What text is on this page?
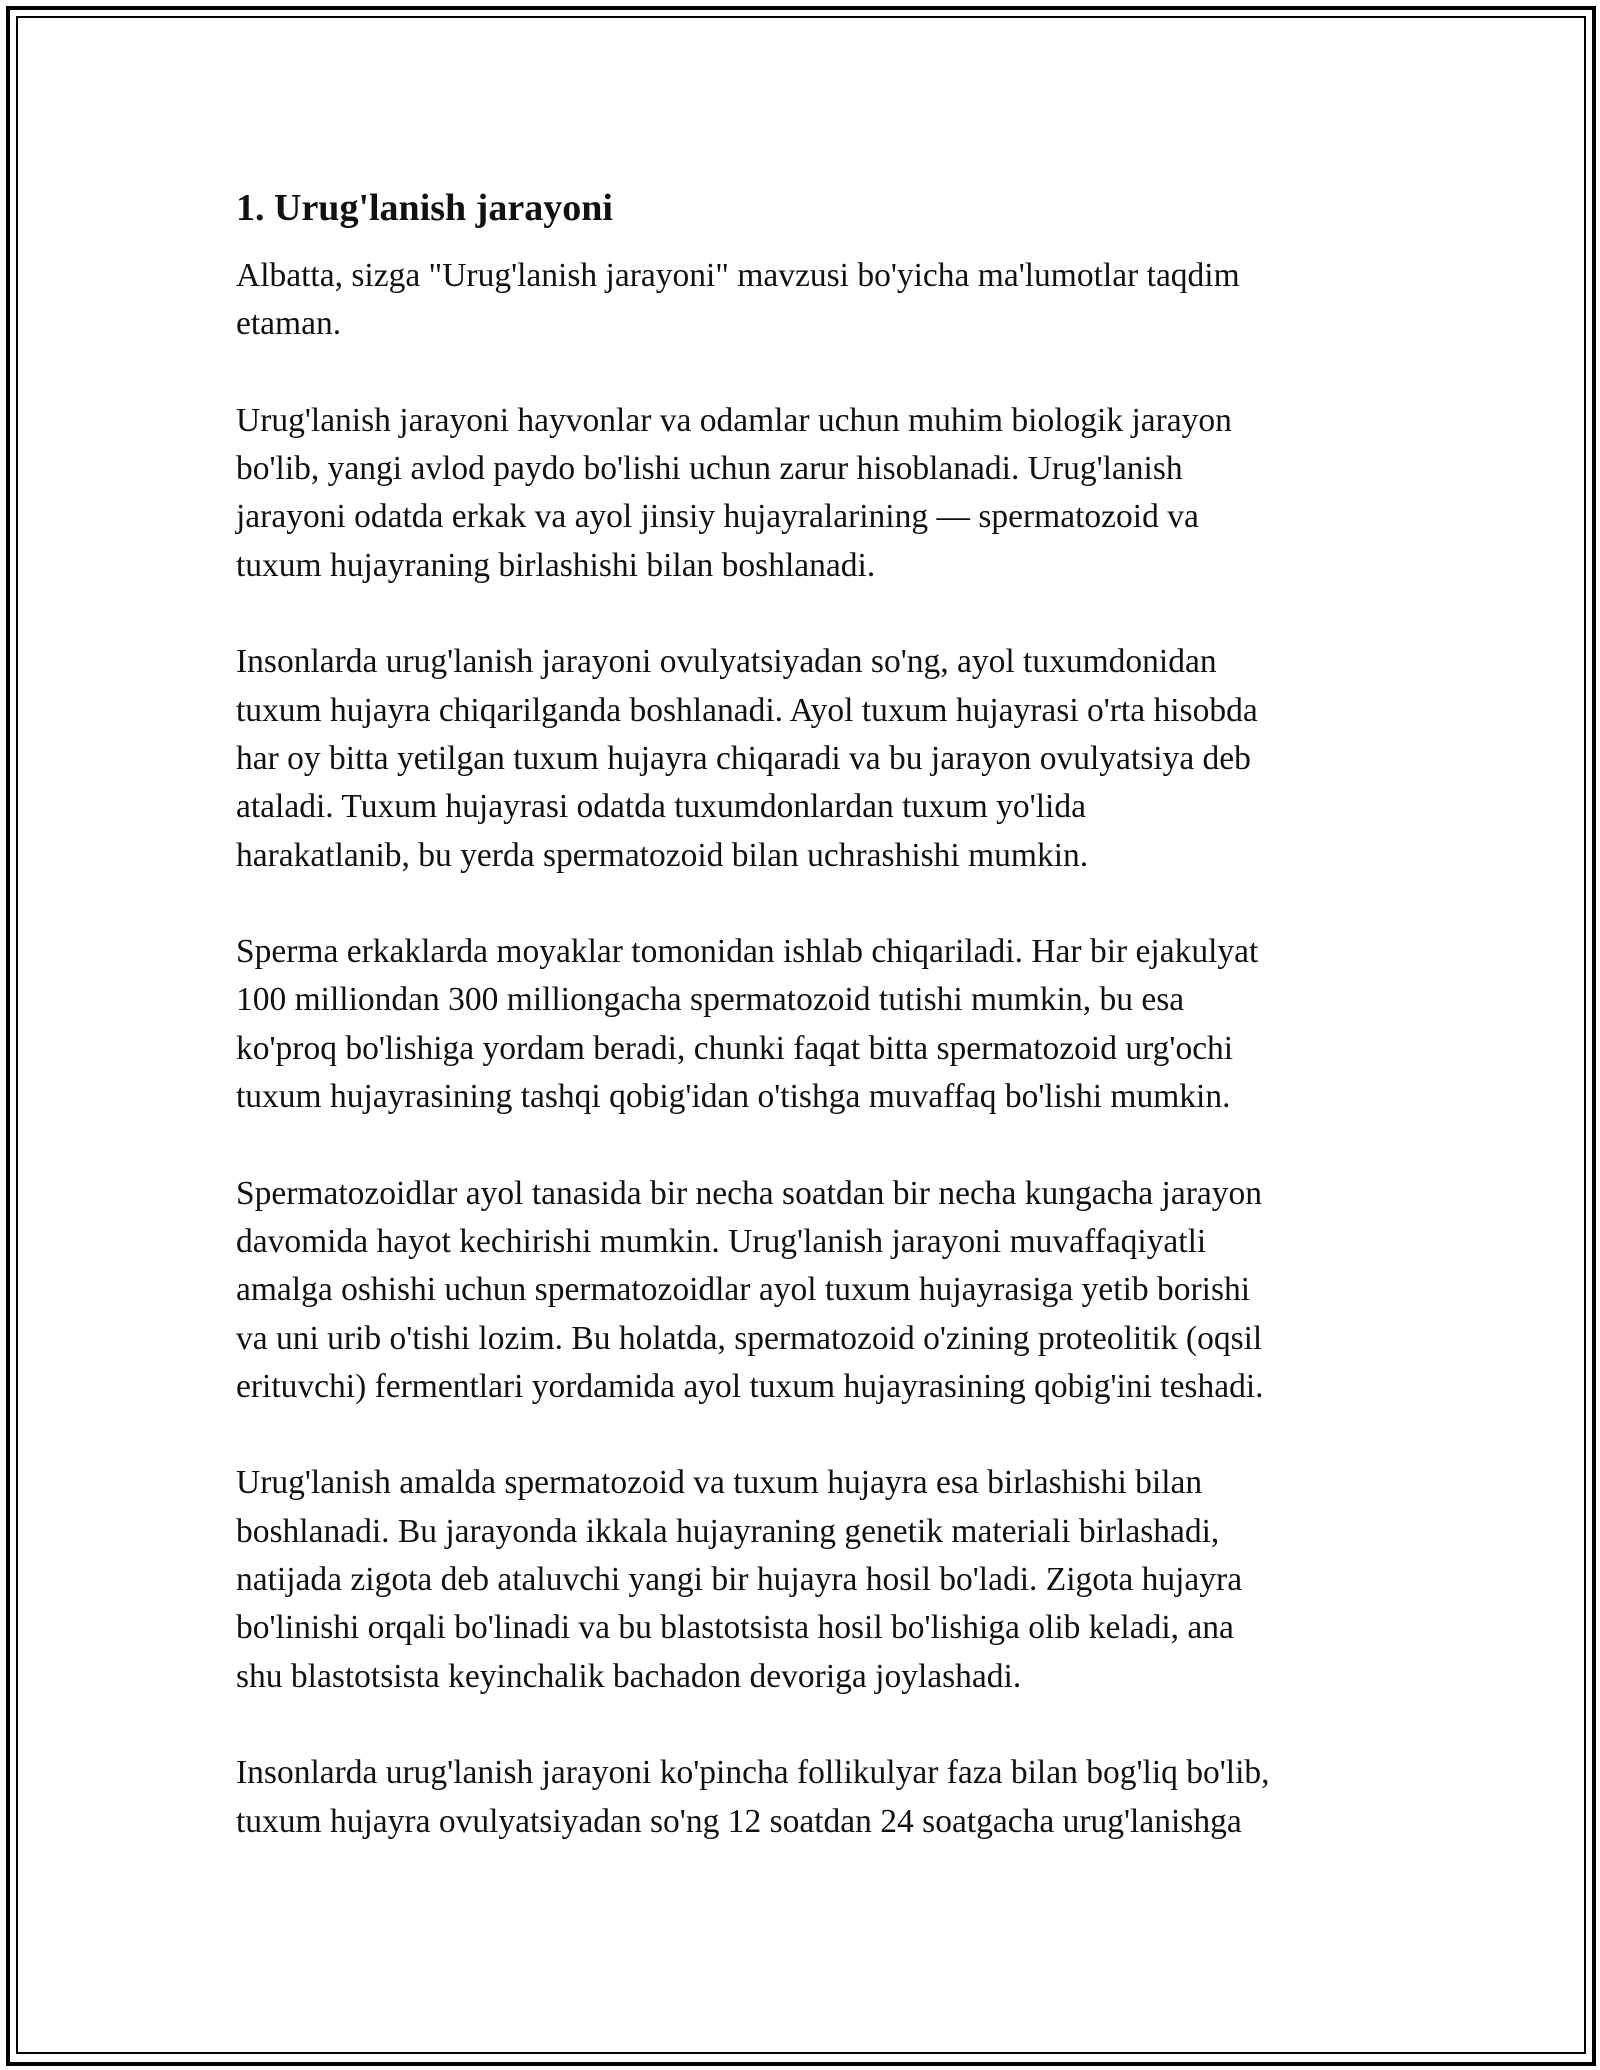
1. Urug'lanish jarayoni

Albatta, sizga "Urug'lanish jarayoni" mavzusi bo'yicha ma'lumotlar taqdim
etaman.

Urug'lanish jarayoni hayvonlar va odamlar uchun muhim biologik jarayon
bo'lib, yangi avlod paydo bo'lishi uchun zarur hisoblanadi. Urug'lanish
jarayoni odatda erkak va ayol jinsiy hujayralarining — spermatozoid va
tuxum hujayraning birlashishi bilan boshlanadi.

Insonlarda urug'lanish jarayoni ovulyatsiyadan so'ng, ayol tuxumdonidan
tuxum hujayra chiqarilganda boshlanadi. Ayol tuxum hujayrasi o'rta hisobda
har oy bitta yetilgan tuxum hujayra chiqaradi va bu jarayon ovulyatsiya deb
ataladi. Tuxum hujayrasi odatda tuxumdonlardan tuxum yo'lida
harakatlanib, bu yerda spermatozoid bilan uchrashishi mumkin.

Sperma erkaklarda moyaklar tomonidan ishlab chiqariladi. Har bir ejakulyat
100 milliondan 300 milliongacha spermatozoid tutishi mumkin, bu esa
ko'proq bo'lishiga yordam beradi, chunki faqat bitta spermatozoid urg'ochi
tuxum hujayrasining tashqi qobig'idan o'tishga muvaffaq bo'lishi mumkin.

Spermatozoidlar ayol tanasida bir necha soatdan bir necha kungacha jarayon
davomida hayot kechirishi mumkin. Urug'lanish jarayoni muvaffaqiyatli
amalga oshishi uchun spermatozoidlar ayol tuxum hujayrasiga yetib borishi
va uni urib o'tishi lozim. Bu holatda, spermatozoid o'zining proteolitik (oqsil
erituvchi) fermentlari yordamida ayol tuxum hujayrasining qobig'ini teshadi.

Urug'lanish amalda spermatozoid va tuxum hujayra esa birlashishi bilan
boshlanadi. Bu jarayonda ikkala hujayraning genetik materiali birlashadi,
natijada zigota deb ataluvchi yangi bir hujayra hosil bo'ladi. Zigota hujayra
bo'linishi orqali bo'linadi va bu blastotsista hosil bo'lishiga olib keladi, ana
shu blastotsista keyinchalik bachadon devoriga joylashadi.

Insonlarda urug'lanish jarayoni ko'pincha follikulyar faza bilan bog'liq bo'lib,
tuxum hujayra ovulyatsiyadan so'ng 12 soatdan 24 soatgacha urug'lanishga
